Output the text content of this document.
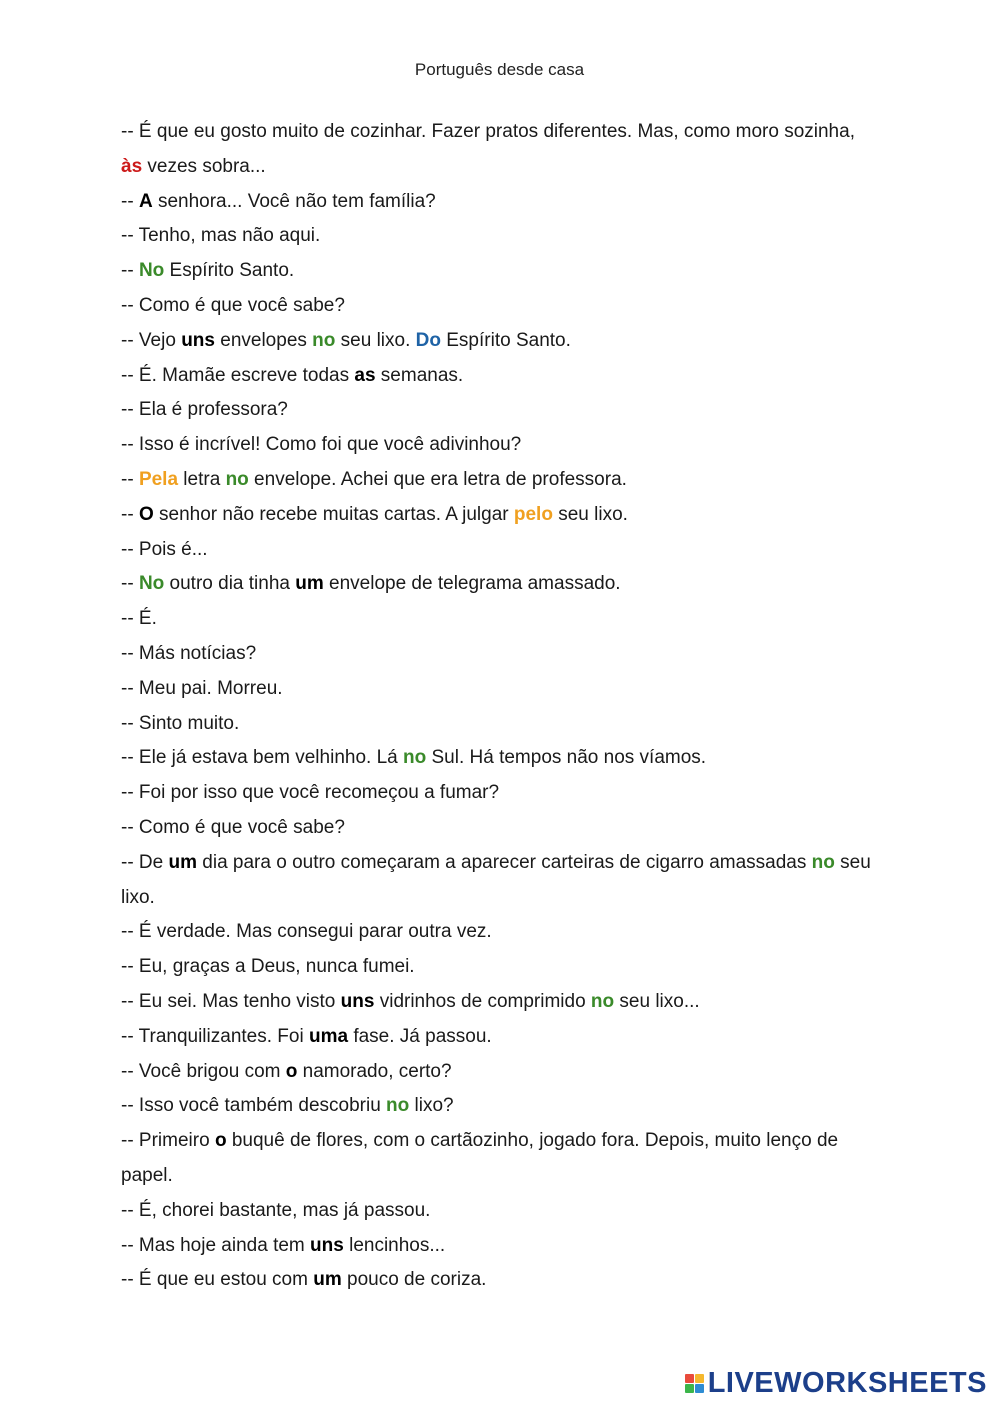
Português desde casa

-- É que eu gosto muito de cozinhar. Fazer pratos diferentes. Mas, como moro sozinha, às vezes sobra...

-- A senhora... Você não tem família?

-- Tenho, mas não aqui.

-- No Espírito Santo.

-- Como é que você sabe?

-- Vejo uns envelopes no seu lixo. Do Espírito Santo.

-- É. Mamãe escreve todas as semanas.

-- Ela é professora?

-- Isso é incrível! Como foi que você adivinhou?

-- Pela letra no envelope. Achei que era letra de professora.

-- O senhor não recebe muitas cartas. A julgar pelo seu lixo.

-- Pois é...

-- No outro dia tinha um envelope de telegrama amassado.

-- É.

-- Más notícias?

-- Meu pai. Morreu.

-- Sinto muito.

-- Ele já estava bem velhinho. Lá no Sul. Há tempos não nos víamos.

-- Foi por isso que você recomeçou a fumar?

-- Como é que você sabe?

-- De um dia para o outro começaram a aparecer carteiras de cigarro amassadas no seu lixo.

-- É verdade. Mas consegui parar outra vez.

-- Eu, graças a Deus, nunca fumei.

-- Eu sei. Mas tenho visto uns vidrinhos de comprimido no seu lixo...

-- Tranquilizantes. Foi uma fase. Já passou.

-- Você brigou com o namorado, certo?

-- Isso você também descobriu no lixo?

-- Primeiro o buquê de flores, com o cartãozinho, jogado fora. Depois, muito lenço de papel.

-- É, chorei bastante, mas já passou.

-- Mas hoje ainda tem uns lencinhos...

-- É que eu estou com um pouco de coriza.

LIVEWORKSHEETS
